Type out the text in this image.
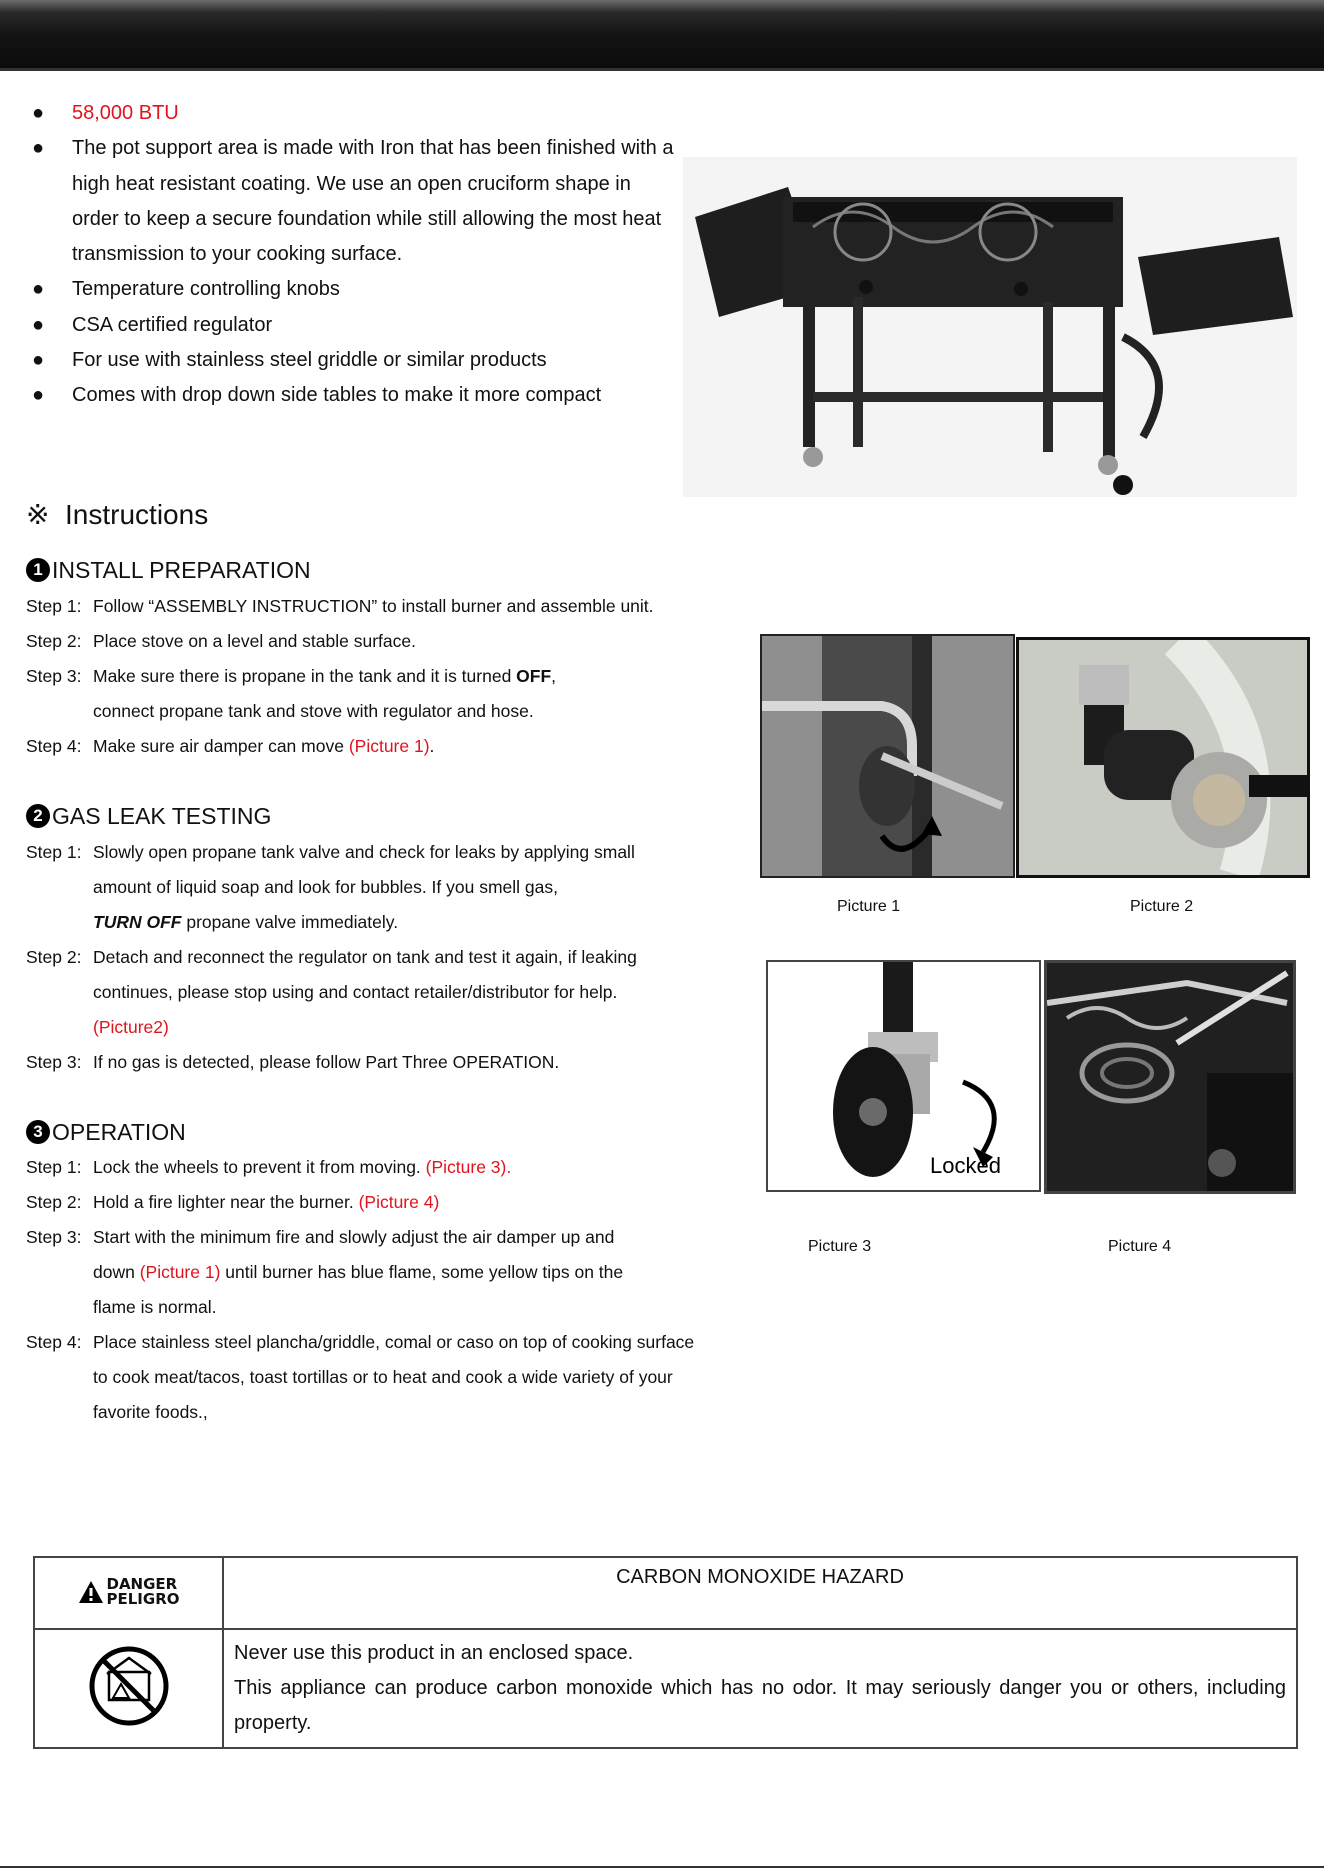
● 58,000 BTU
● The pot support area is made with Iron that has been finished with a high heat resistant coating. We use an open cruciform shape in order to keep a secure foundation while still allowing the most heat transmission to your cooking surface.
● Temperature controlling knobs
● CSA certified regulator
● For use with stainless steel griddle or similar products
● Comes with drop down side tables to make it more compact
※ Instructions
1 INSTALL PREPARATION
Step 1: Follow “ASSEMBLY INSTRUCTION” to install burner and assemble unit.
Step 2: Place stove on a level and stable surface.
Step 3: Make sure there is propane in the tank and it is turned OFF,
connect propane tank and stove with regulator and hose.
Step 4: Make sure air damper can move (Picture 1).
2 GAS LEAK TESTING
Step 1: Slowly open propane tank valve and check for leaks by applying small
amount of liquid soap and look for bubbles. If you smell gas,
TURN OFF propane valve immediately.
Step 2: Detach and reconnect the regulator on tank and test it again, if leaking
continues, please stop using and contact retailer/distributor for help.
(Picture2)
Step 3: If no gas is detected, please follow Part Three OPERATION.
3 OPERATION
Step 1: Lock the wheels to prevent it from moving. (Picture 3).
Step 2: Hold a fire lighter near the burner. (Picture 4)
Step 3: Start with the minimum fire and slowly adjust the air damper up and
down (Picture 1) until burner has blue flame, some yellow tips on the
flame is normal.
Step 4: Place stainless steel plancha/griddle, comal or caso on top of cooking surface
to cook meat/tacos, toast tortillas or to heat and cook a wide variety of your
favorite foods.,
Picture 1	Picture 2
Locked
Picture 3	Picture 4
DANGER
PELIGRO	CARBON MONOXIDE HAZARD

Never use this product in an enclosed space.
This appliance can produce carbon monoxide which has no odor. It may seriously danger you or others, including property.
